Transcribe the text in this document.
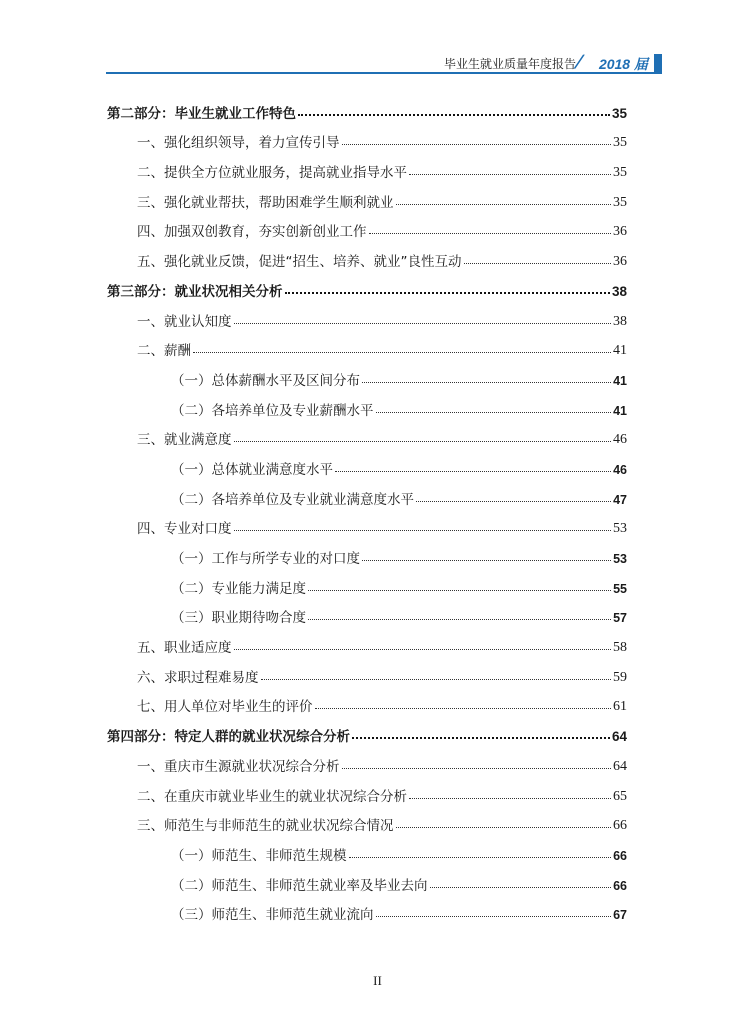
毕业生就业质量年度报告
/ 2018 届
第二部分：毕业生就业工作特色	35
一、强化组织领导，着力宣传引导	35
二、提供全方位就业服务，提高就业指导水平	35
三、强化就业帮扶，帮助困难学生顺利就业	35
四、加强双创教育，夯实创新创业工作	36
五、强化就业反馈，促进“招生、培养、就业”良性互动	36
第三部分：就业状况相关分析	38
一、就业认知度	38
二、薪酬	41
（一）总体薪酬水平及区间分布	41
（二）各培养单位及专业薪酬水平	41
三、就业满意度	46
（一）总体就业满意度水平	46
（二）各培养单位及专业就业满意度水平	47
四、专业对口度	53
（一）工作与所学专业的对口度	53
（二）专业能力满足度	55
（三）职业期待吻合度	57
五、职业适应度	58
六、求职过程难易度	59
七、用人单位对毕业生的评价	61
第四部分：特定人群的就业状况综合分析	64
一、重庆市生源就业状况综合分析	64
二、在重庆市就业毕业生的就业状况综合分析	65
三、师范生与非师范生的就业状况综合情况	66
（一）师范生、非师范生规模	66
（二）师范生、非师范生就业率及毕业去向	66
（三）师范生、非师范生就业流向	67
II
